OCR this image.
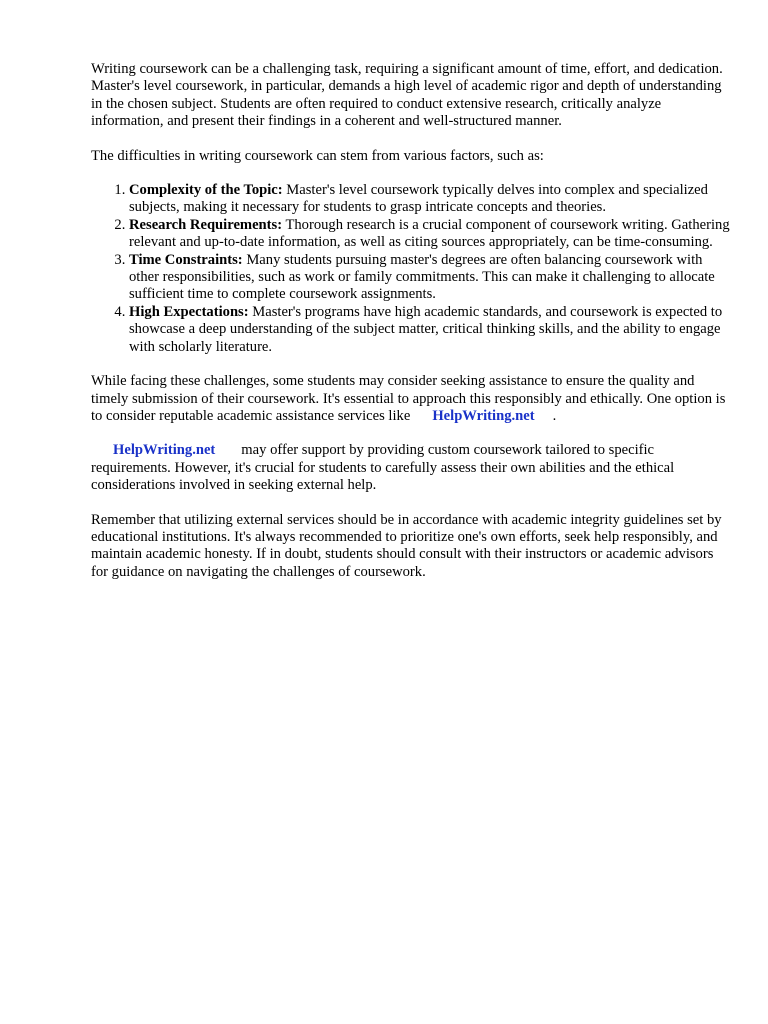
Writing coursework can be a challenging task, requiring a significant amount of time, effort, and dedication. Master's level coursework, in particular, demands a high level of academic rigor and depth of understanding in the chosen subject. Students are often required to conduct extensive research, critically analyze information, and present their findings in a coherent and well-structured manner.

The difficulties in writing coursework can stem from various factors, such as:

1. Complexity of the Topic: Master's level coursework typically delves into complex and specialized subjects, making it necessary for students to grasp intricate concepts and theories.
2. Research Requirements: Thorough research is a crucial component of coursework writing. Gathering relevant and up-to-date information, as well as citing sources appropriately, can be time-consuming.
3. Time Constraints: Many students pursuing master's degrees are often balancing coursework with other responsibilities, such as work or family commitments. This can make it challenging to allocate sufficient time to complete coursework assignments.
4. High Expectations: Master's programs have high academic standards, and coursework is expected to showcase a deep understanding of the subject matter, critical thinking skills, and the ability to engage with scholarly literature.

While facing these challenges, some students may consider seeking assistance to ensure the quality and timely submission of their coursework. It's essential to approach this responsibly and ethically. One option is to consider reputable academic assistance services like HelpWriting.net .

HelpWriting.net may offer support by providing custom coursework tailored to specific requirements. However, it's crucial for students to carefully assess their own abilities and the ethical considerations involved in seeking external help.

Remember that utilizing external services should be in accordance with academic integrity guidelines set by educational institutions. It's always recommended to prioritize one's own efforts, seek help responsibly, and maintain academic honesty. If in doubt, students should consult with their instructors or academic advisors for guidance on navigating the challenges of coursework.
